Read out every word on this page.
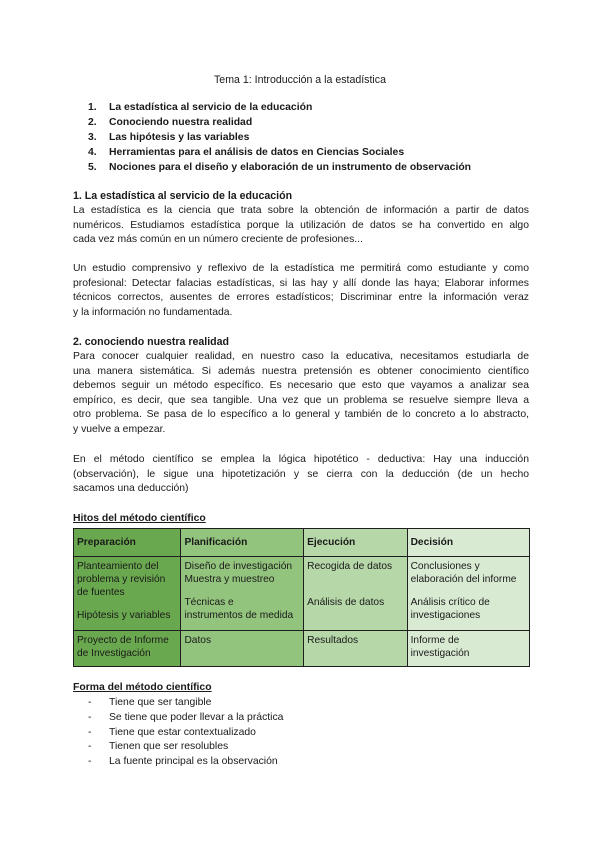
Tema 1: Introducción a la estadística
1. La estadística al servicio de la educación
2. Conociendo nuestra realidad
3. Las hipótesis y las variables
4. Herramientas para el análisis de datos en Ciencias Sociales
5. Nociones para el diseño y elaboración de un instrumento de observación
1. La estadística al servicio de la educación
La estadística es la ciencia que trata sobre la obtención de información a partir de datos
numéricos. Estudiamos estadística porque la utilización de datos se ha convertido en algo
cada vez más común en un número creciente de profesiones...
Un estudio comprensivo y reflexivo de la estadística me permitirá como estudiante y como
profesional: Detectar falacias estadísticas, si las hay y allí donde las haya; Elaborar informes
técnicos correctos, ausentes de errores estadísticos; Discriminar entre la información veraz
y la información no fundamentada.
2. conociendo nuestra realidad
Para conocer cualquier realidad, en nuestro caso la educativa, necesitamos estudiarla de
una manera sistemática. Si además nuestra pretensión es obtener conocimiento científico
debemos seguir un método específico. Es necesario que esto que vayamos a analizar sea
empírico, es decir, que sea tangible. Una vez que un problema se resuelve siempre lleva a
otro problema. Se pasa de lo específico a lo general y también de lo concreto a lo abstracto,
y vuelve a empezar.
En el método científico se emplea la lógica hipotético - deductiva: Hay una inducción
(observación), le sigue una hipotetización y se cierra con la deducción (de un hecho
sacamos una deducción)
Hitos del método científico
Preparación	Planificación	Ejecución	Decisión

Planteamiento del
problema y revisión
de fuentes
Hipótesis y variables	Diseño de investigación
Muestra y muestreo
Técnicas e
instrumentos de medida	Recogida de datos
Análisis de datos	Conclusiones y
elaboración del informe
Análisis crítico de
investigaciones

Proyecto de Informe
de Investigación	Datos	Resultados	Informe de
investigación
Forma del método científico
- Tiene que ser tangible
- Se tiene que poder llevar a la práctica
- Tiene que estar contextualizado
- Tienen que ser resolubles
- La fuente principal es la observación
